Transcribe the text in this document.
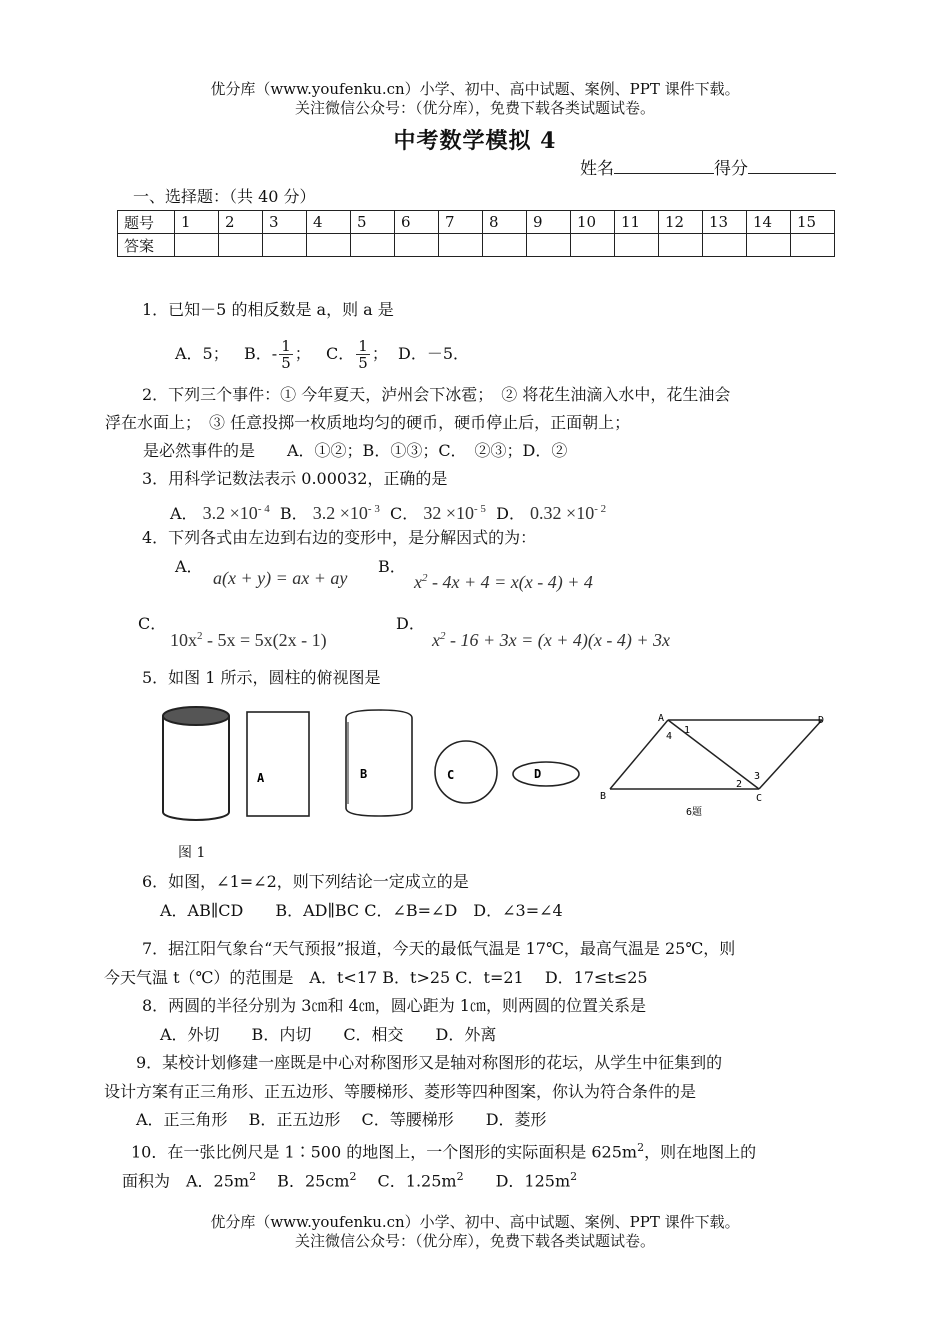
优分库（www.youfenku.cn）小学、初中、高中试题、案例、PPT 课件下载。
关注微信公众号：（优分库），免费下载各类试题试卷。
中考数学模拟 4
姓名	得分
一、选择题：（共 40 分）
题号	1	2	3	4	5	6	7	8	9	10	11	12	13	14	15
答案															
1．已知－5 的相反数是 a，则 a 是
A．5； B．- $\frac{1}{5}$ ； C． $\frac{1}{5}$ ； D．－5．
2．下列三个事件：① 今年夏天，泸州会下冰雹；　② 将花生油滴入水中，花生油会
浮在水面上；　③ 任意投掷一枚质地均匀的硬币，硬币停止后，正面朝上；
是必然事件的是　　A．①②；B．①③；C．　②③；D．②
3．用科学记数法表示 0.00032，正确的是
A． $3.2 \times 10^{- 4}$ B． $3.2 \times 10^{- 3}$ C． $32 \times 10^{- 5}$ D． $0.32 \times 10^{- 2}$
4．下列各式由左边到右边的变形中，是分解因式的为：
A．
a(x + y) = ax + ay
B．
$x^2 - 4x + 4 = x(x - 4) + 4$
C．
$10x^2 - 5x = 5x(2x - 1)$
D．
$x^2 - 16 + 3x = (x + 4)(x - 4) + 3x$
5．如图 1 所示，圆柱的俯视图是
A	B	C	D
A
B	C
D
1
2
3
4
6题
图 1
6．如图，∠1=∠2，则下列结论一定成立的是
A．AB∥CD　　B．AD∥BC C．∠B=∠D　D．∠3=∠4
7．据江阳气象台“天气预报”报道，今天的最低气温是 17℃，最高气温是 25℃，则
今天气温 t（℃）的范围是　A．t<17 B．t>25 C．t=21　 D．17≤t≤25
8．两圆的半径分别为 3㎝和 4㎝，圆心距为 1㎝，则两圆的位置关系是
A．外切　　B．内切　　C．相交　　D．外离
9．某校计划修建一座既是中心对称图形又是轴对称图形的花坛，从学生中征集到的
设计方案有正三角形、正五边形、等腰梯形、菱形等四种图案，你认为符合条件的是
A．正三角形　 B．正五边形　 C．等腰梯形　　D．菱形
10．在一张比例尺是 1∶500 的地图上，一个图形的实际面积是 $625m^2$，则在地图上的
面积为　A．$25m^2$　 B．$25cm^2$　 C．$1.25m^2$　　D．$125m^2$
优分库（www.youfenku.cn）小学、初中、高中试题、案例、PPT 课件下载。
关注微信公众号：（优分库），免费下载各类试题试卷。
